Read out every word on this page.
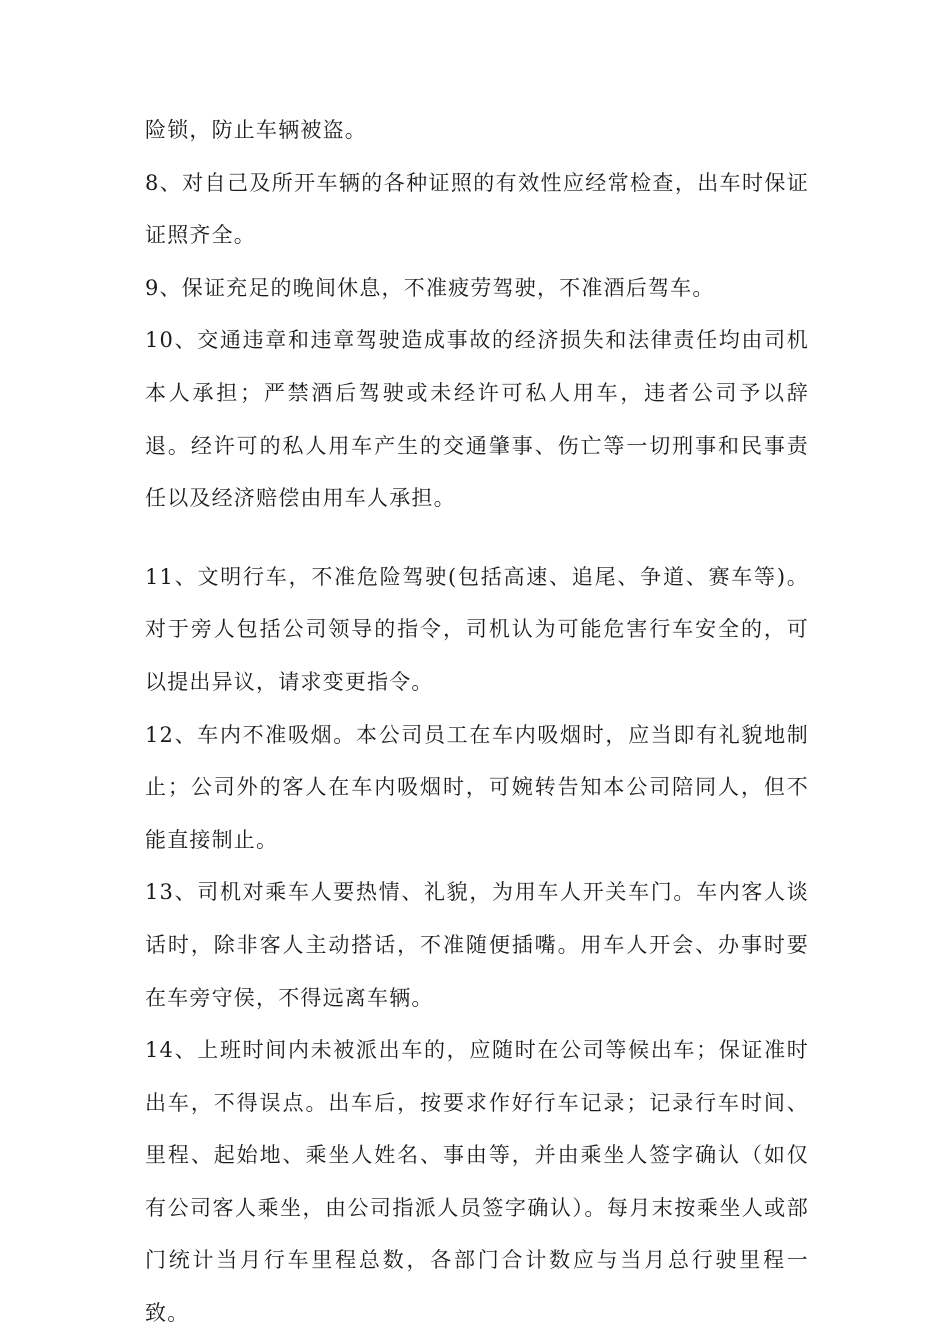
险锁，防止车辆被盗。

8、对自己及所开车辆的各种证照的有效性应经常检查，出车时保证证照齐全。

9、保证充足的晚间休息，不准疲劳驾驶，不准酒后驾车。

10、交通违章和违章驾驶造成事故的经济损失和法律责任均由司机本人承担；严禁酒后驾驶或未经许可私人用车，违者公司予以辞退。经许可的私人用车产生的交通肇事、伤亡等一切刑事和民事责任以及经济赔偿由用车人承担。

11、文明行车，不准危险驾驶(包括高速、追尾、争道、赛车等)。对于旁人包括公司领导的指令，司机认为可能危害行车安全的，可以提出异议，请求变更指令。

12、车内不准吸烟。本公司员工在车内吸烟时，应当即有礼貌地制止；公司外的客人在车内吸烟时，可婉转告知本公司陪同人，但不能直接制止。

13、司机对乘车人要热情、礼貌，为用车人开关车门。车内客人谈话时，除非客人主动搭话，不准随便插嘴。用车人开会、办事时要在车旁守侯，不得远离车辆。

14、上班时间内未被派出车的，应随时在公司等候出车；保证准时出车，不得误点。出车后，按要求作好行车记录；记录行车时间、里程、起始地、乘坐人姓名、事由等，并由乘坐人签字确认（如仅有公司客人乘坐，由公司指派人员签字确认）。每月末按乘坐人或部门统计当月行车里程总数，各部门合计数应与当月总行驶里程一致。
